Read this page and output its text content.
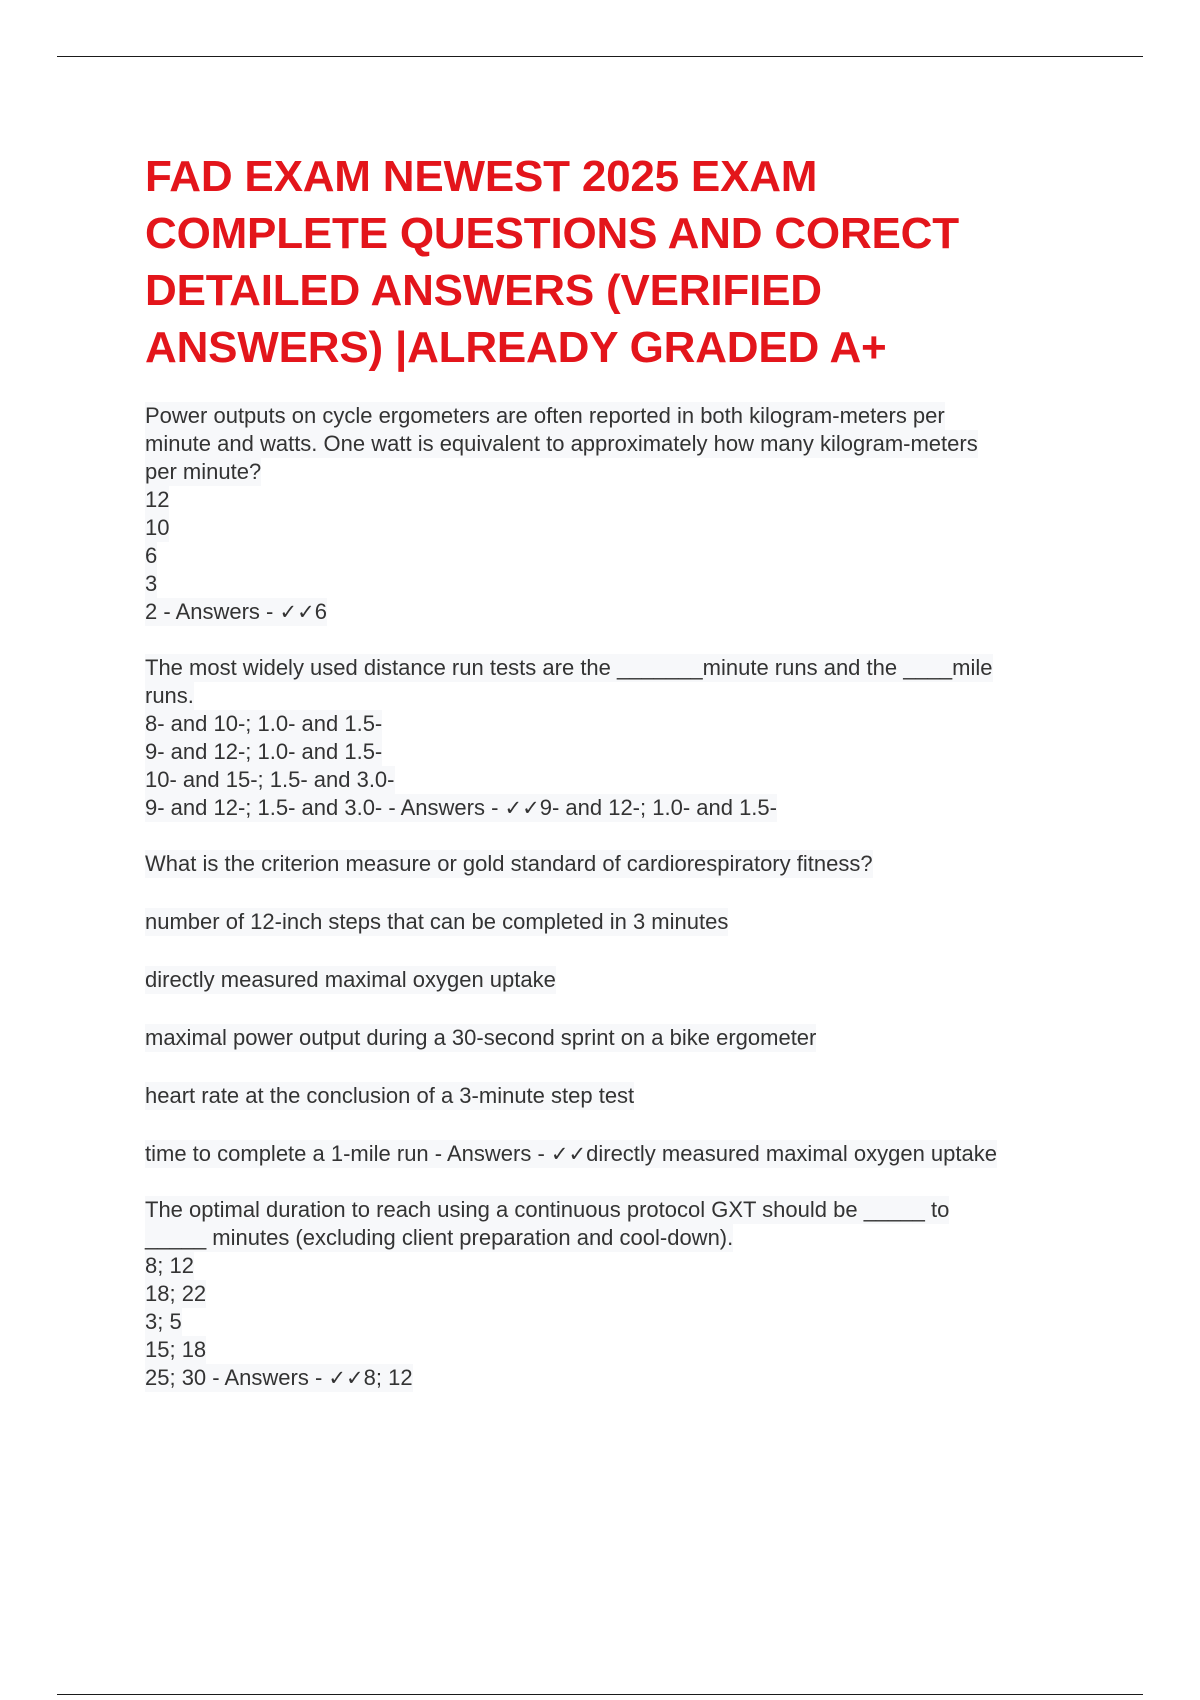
FAD EXAM NEWEST 2025 EXAM
COMPLETE QUESTIONS AND CORECT
DETAILED ANSWERS (VERIFIED
ANSWERS) |ALREADY GRADED A+
Power outputs on cycle ergometers are often reported in both kilogram-meters per
minute and watts. One watt is equivalent to approximately how many kilogram-meters
per minute?
12
10
6
3
2 - Answers - ✓✓6
The most widely used distance run tests are the _______minute runs and the ____mile
runs.
8- and 10-; 1.0- and 1.5-
9- and 12-; 1.0- and 1.5-
10- and 15-; 1.5- and 3.0-
9- and 12-; 1.5- and 3.0- - Answers - ✓✓9- and 12-; 1.0- and 1.5-
What is the criterion measure or gold standard of cardiorespiratory fitness?
number of 12-inch steps that can be completed in 3 minutes
directly measured maximal oxygen uptake
maximal power output during a 30-second sprint on a bike ergometer
heart rate at the conclusion of a 3-minute step test
time to complete a 1-mile run - Answers - ✓✓directly measured maximal oxygen uptake
The optimal duration to reach using a continuous protocol GXT should be _____ to
_____ minutes (excluding client preparation and cool-down).
8; 12
18; 22
3; 5
15; 18
25; 30 - Answers - ✓✓8; 12
